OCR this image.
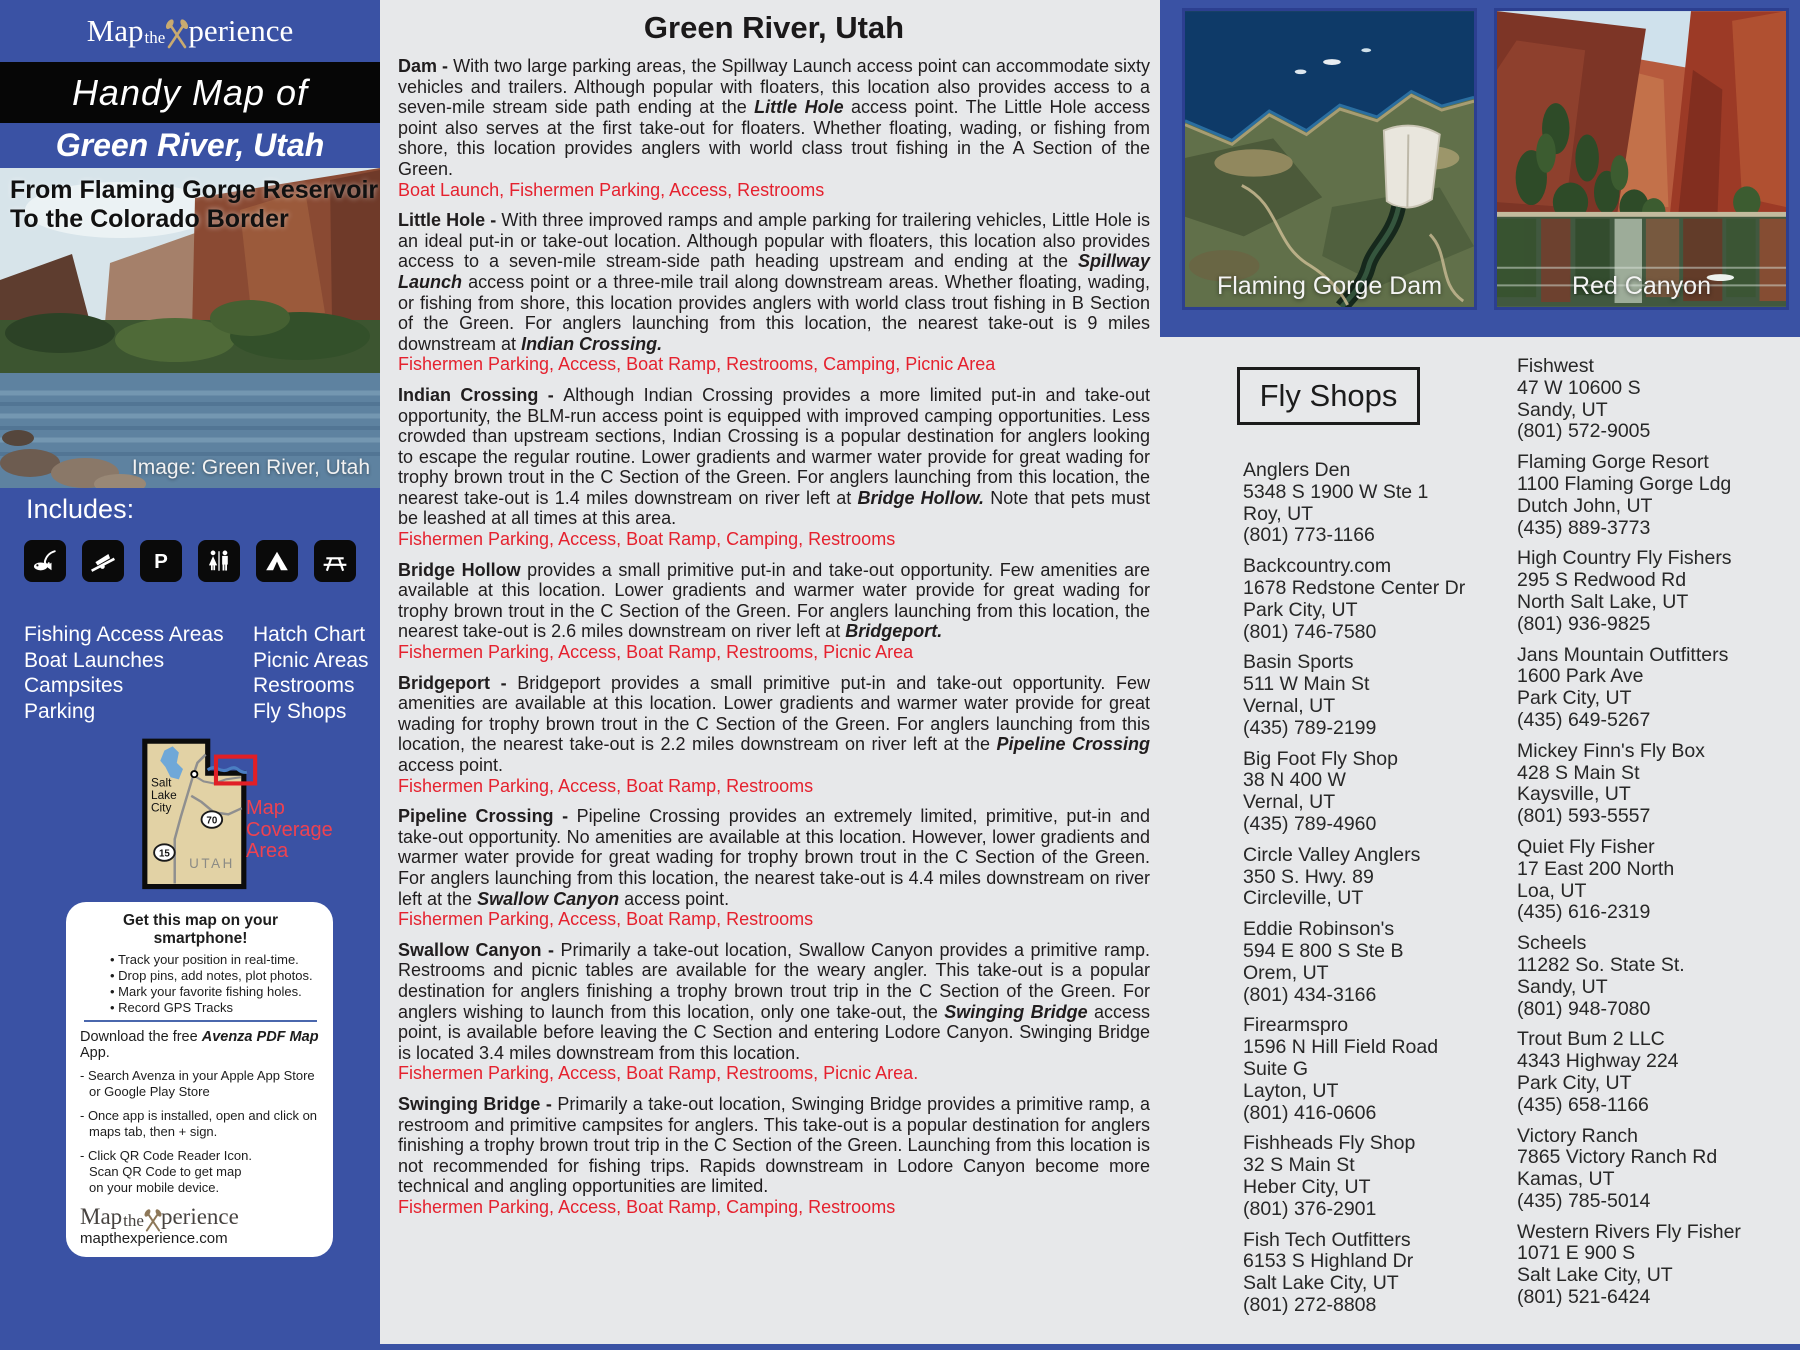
Map the perience
Handy Map of
Green River, Utah
From Flaming Gorge Reservoir
To the Colorado Border
Image: Green River, Utah
Includes:
P
Fishing Access Areas
Boat Launches
Campsites
Parking
Hatch Chart
Picnic Areas
Restrooms
Fly Shops
Salt
Lake
City
70
15
UTAH
Map
Coverage
Area
Get this map on your smartphone!
• Track your position in real-time.
• Drop pins, add notes, plot photos.
• Mark your favorite fishing holes.
• Record GPS Tracks
Download the free Avenza PDF Map App.
- Search Avenza in your Apple App Store
or Google Play Store
- Once app is installed, open and click on
maps tab, then + sign.
- Click QR Code Reader Icon.
Scan QR Code to get map
on your mobile device.
Map the perience
mapthexperience.com
Green River, Utah

Dam - With two large parking areas, the Spillway Launch access point can accommodate sixty vehicles and trailers. Although popular with floaters, this location also provides access to a seven-mile stream side path ending at the Little Hole access point. The Little Hole access point also serves at the first take-out for floaters. Whether floating, wading, or fishing from shore, this location provides anglers with world class trout fishing in the A Section of the Green.

Boat Launch, Fishermen Parking, Access, Restrooms

Little Hole - With three improved ramps and ample parking for trailering vehicles, Little Hole is an ideal put-in or take-out location. Although popular with floaters, this location also provides access to a seven-mile stream-side path heading upstream and ending at the Spillway Launch access point or a three-mile trail along downstream areas. Whether floating, wading, or fishing from shore, this location provides anglers with world class trout fishing in B Section of the Green. For anglers launching from this location, the nearest take-out is 9 miles downstream at Indian Crossing.

Fishermen Parking, Access, Boat Ramp, Restrooms, Camping, Picnic Area

Indian Crossing - Although Indian Crossing provides a more limited put-in and take-out opportunity, the BLM-run access point is equipped with improved camping opportunities. Less crowded than upstream sections, Indian Crossing is a popular destination for anglers looking to escape the regular routine. Lower gradients and warmer water provide for great wading for trophy brown trout in the C Section of the Green. For anglers launching from this location, the nearest take-out is 1.4 miles downstream on river left at Bridge Hollow. Note that pets must be leashed at all times at this area.

Fishermen Parking, Access, Boat Ramp, Camping, Restrooms

Bridge Hollow provides a small primitive put-in and take-out opportunity. Few amenities are available at this location. Lower gradients and warmer water provide for great wading for trophy brown trout in the C Section of the Green. For anglers launching from this location, the nearest take-out is 2.6 miles downstream on river left at Bridgeport.

Fishermen Parking, Access, Boat Ramp, Restrooms, Picnic Area

Bridgeport - Bridgeport provides a small primitive put-in and take-out opportunity. Few amenities are available at this location. Lower gradients and warmer water provide for great wading for trophy brown trout in the C Section of the Green. For anglers launching from this location, the nearest take-out is 2.2 miles downstream on river left at the Pipeline Crossing access point.

Fishermen Parking, Access, Boat Ramp, Restrooms

Pipeline Crossing - Pipeline Crossing provides an extremely limited, primitive, put-in and take-out opportunity. No amenities are available at this location. However, lower gradients and warmer water provide for great wading for trophy brown trout in the C Section of the Green. For anglers launching from this location, the nearest take-out is 4.4 miles downstream on river left at the Swallow Canyon access point.

Fishermen Parking, Access, Boat Ramp, Restrooms

Swallow Canyon - Primarily a take-out location, Swallow Canyon provides a primitive ramp. Restrooms and picnic tables are available for the weary angler. This take-out is a popular destination for anglers finishing a trophy brown trout trip in the C Section of the Green. For anglers wishing to launch from this location, only one take-out, the Swinging Bridge access point, is available before leaving the C Section and entering Lodore Canyon. Swinging Bridge is located 3.4 miles downstream from this location.

Fishermen Parking, Access, Boat Ramp, Restrooms, Picnic Area.

Swinging Bridge - Primarily a take-out location, Swinging Bridge provides a primitive ramp, a restroom and primitive campsites for anglers. This take-out is a popular destination for anglers finishing a trophy brown trout trip in the C Section of the Green. Launching from this location is not recommended for fishing trips. Rapids downstream in Lodore Canyon become more technical and angling opportunities are limited.

Fishermen Parking, Access, Boat Ramp, Camping, Restrooms

Flaming Gorge Dam	Red Canyon
Fly Shops
Anglers Den
5348 S 1900 W Ste 1
Roy, UT
(801) 773-1166
Backcountry.com
1678 Redstone Center Dr
Park City, UT
(801) 746-7580
Basin Sports
511 W Main St
Vernal, UT
(435) 789-2199
Big Foot Fly Shop
38 N 400 W
Vernal, UT
(435) 789-4960
Circle Valley Anglers
350 S. Hwy. 89
Circleville, UT
Eddie Robinson's
594 E 800 S Ste B
Orem, UT
(801) 434-3166
Firearmspro
1596 N Hill Field Road
Suite G
Layton, UT
(801) 416-0606
Fishheads Fly Shop
32 S Main St
Heber City, UT
(801) 376-2901
Fish Tech Outfitters
6153 S Highland Dr
Salt Lake City, UT
(801) 272-8808
Fishwest
47 W 10600 S
Sandy, UT
(801) 572-9005
Flaming Gorge Resort
1100 Flaming Gorge Ldg
Dutch John, UT
(435) 889-3773
High Country Fly Fishers
295 S Redwood Rd
North Salt Lake, UT
(801) 936-9825
Jans Mountain Outfitters
1600 Park Ave
Park City, UT
(435) 649-5267
Mickey Finn's Fly Box
428 S Main St
Kaysville, UT
(801) 593-5557
Quiet Fly Fisher
17 East 200 North
Loa, UT
(435) 616-2319
Scheels
11282 So. State St.
Sandy, UT
(801) 948-7080
Trout Bum 2 LLC
4343 Highway 224
Park City, UT
(435) 658-1166
Victory Ranch
7865 Victory Ranch Rd
Kamas, UT
(435) 785-5014
Western Rivers Fly Fisher
1071 E 900 S
Salt Lake City, UT
(801) 521-6424
